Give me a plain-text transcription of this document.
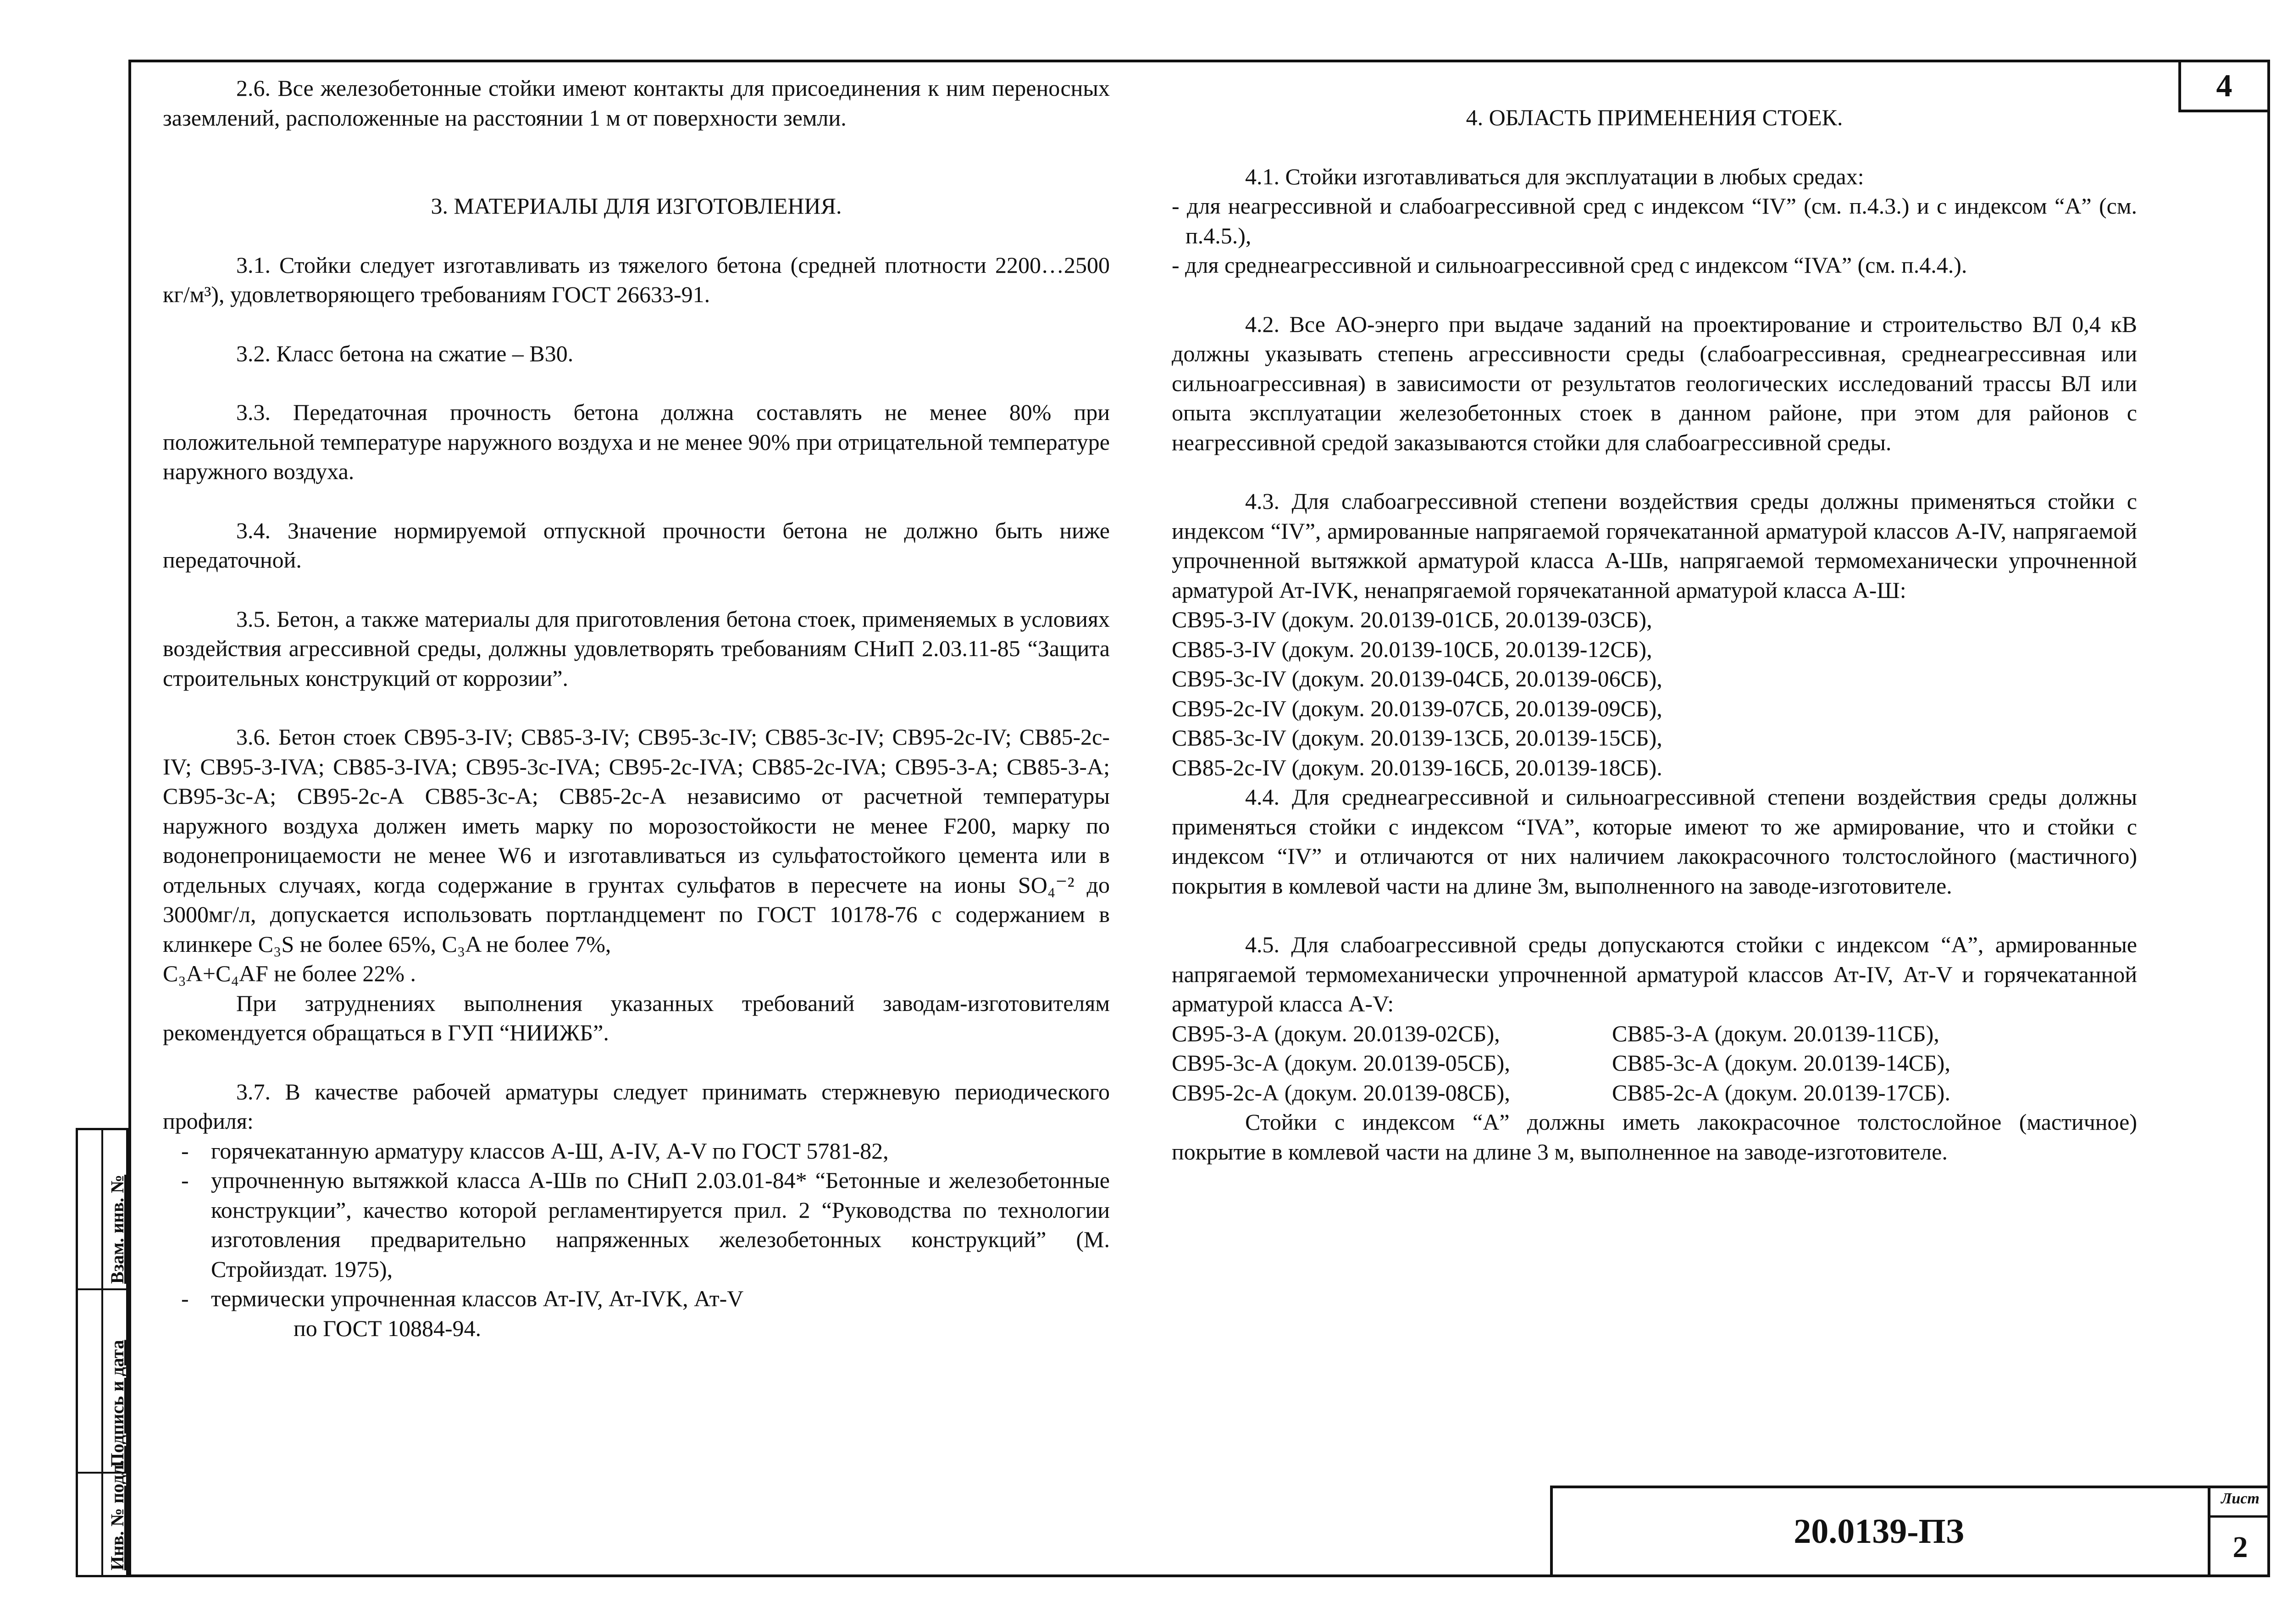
4
Инв. № подл.
Подпись и дата
Взам. инв. №
20.0139-ПЗ
Лист
2

2.6. Все железобетонные стойки имеют контакты для присоединения к ним переносных заземлений, расположенные на расстоянии 1 м от поверхности земли.

3. МАТЕРИАЛЫ ДЛЯ ИЗГОТОВЛЕНИЯ.

3.1. Стойки следует изготавливать из тяжелого бетона (средней плотности 2200…2500 кг/м³), удовлетворяющего требованиям ГОСТ 26633-91.

3.2. Класс бетона на сжатие – В30.

3.3. Передаточная прочность бетона должна составлять не менее 80% при положительной температуре наружного воздуха и не менее 90% при отрицательной температуре наружного воздуха.

3.4. Значение нормируемой отпускной прочности бетона не должно быть ниже передаточной.

3.5. Бетон, а также материалы для приготовления бетона стоек, применяемых в условиях воздействия агрессивной среды, должны удовлетворять требованиям СНиП 2.03.11-85 “Защита строительных конструкций от коррозии”.

3.6. Бетон стоек СВ95-3-IV; СВ85-3-IV; СВ95-3с-IV; СВ85-3с-IV; СВ95-2с-IV; СВ85-2с-IV; СВ95-3-IVA; СВ85-3-IVA; СВ95-3с-IVA; СВ95-2с-IVA; СВ85-2с-IVA; СВ95-3-А; СВ85-3-А; СВ95-3с-А; СВ95-2с-А СВ85-3с-А; СВ85-2с-А независимо от расчетной температуры наружного воздуха должен иметь марку по морозостойкости не менее F200, марку по водонепроницаемости не менее W6 и изготавливаться из сульфатостойкого цемента или в отдельных случаях, когда содержание в грунтах сульфатов в пересчете на ионы SO₄⁻² до 3000мг/л, допускается использовать портландцемент по ГОСТ 10178-76 с содержанием в клинкере C₃S не более 65%, C₃A не более 7%,

C₃A+C₄AF не более 22% .

При затруднениях выполнения указанных требований заводам-изготовителям рекомендуется обращаться в ГУП “НИИЖБ”.

3.7. В качестве рабочей арматуры следует принимать стержневую периодического профиля:

- горячекатанную арматуру классов А-Ш, А-IV, А-V по ГОСТ 5781-82,

- упрочненную вытяжкой класса А-Шв по СНиП 2.03.01-84* “Бетонные и железобетонные конструкции”, качество которой регламентируется прил. 2 “Руководства по технологии изготовления предварительно напряженных железобетонных конструкций” (М. Стройиздат. 1975),

- термически упрочненная классов Ат-IV, Ат-IVK, Ат-V

по ГОСТ 10884-94.

4. ОБЛАСТЬ ПРИМЕНЕНИЯ СТОЕК.

4.1. Стойки изготавливаться для эксплуатации в любых средах:

- для неагрессивной и слабоагрессивной сред с индексом “IV” (см. п.4.3.) и с индексом “А” (см. п.4.5.),

- для среднеагрессивной и сильноагрессивной сред с индексом “IVA” (см. п.4.4.).

4.2. Все АО-энерго при выдаче заданий на проектирование и строительство ВЛ 0,4 кВ должны указывать степень агрессивности среды (слабоагрессивная, среднеагрессивная или сильноагрессивная) в зависимости от результатов геологических исследований трассы ВЛ или опыта эксплуатации железобетонных стоек в данном районе, при этом для районов с неагрессивной средой заказываются стойки для слабоагрессивной среды.

4.3. Для слабоагрессивной степени воздействия среды должны применяться стойки с индексом “IV”, армированные напрягаемой горячекатанной арматурой классов А-IV, напрягаемой упрочненной вытяжкой арматурой класса А-Шв, напрягаемой термомеханически упрочненной арматурой Ат-IVK, ненапрягаемой горячекатанной арматурой класса А-Ш:

СВ95-3-IV (докум. 20.0139-01СБ, 20.0139-03СБ),

СВ85-3-IV (докум. 20.0139-10СБ, 20.0139-12СБ),

СВ95-3с-IV (докум. 20.0139-04СБ, 20.0139-06СБ),

СВ95-2с-IV (докум. 20.0139-07СБ, 20.0139-09СБ),

СВ85-3с-IV (докум. 20.0139-13СБ, 20.0139-15СБ),

СВ85-2с-IV (докум. 20.0139-16СБ, 20.0139-18СБ).

4.4. Для среднеагрессивной и сильноагрессивной степени воздействия среды должны применяться стойки с индексом “IVA”, которые имеют то же армирование, что и стойки с индексом “IV” и отличаются от них наличием лакокрасочного толстослойного (мастичного) покрытия в комлевой части на длине 3м, выполненного на заводе-изготовителе.

4.5. Для слабоагрессивной среды допускаются стойки с индексом “А”, армированные напрягаемой термомеханически упрочненной арматурой классов Ат-IV, Ат-V и горячекатанной арматурой класса А-V:

СВ95-3-А (докум. 20.0139-02СБ),	СВ85-3-А (докум. 20.0139-11СБ),

СВ95-3с-А (докум. 20.0139-05СБ),	СВ85-3с-А (докум. 20.0139-14СБ),

СВ95-2с-А (докум. 20.0139-08СБ),	СВ85-2с-А (докум. 20.0139-17СБ).

Стойки с индексом “А” должны иметь лакокрасочное толстослойное (мастичное) покрытие в комлевой части на длине 3 м, выполненное на заводе-изготовителе.
